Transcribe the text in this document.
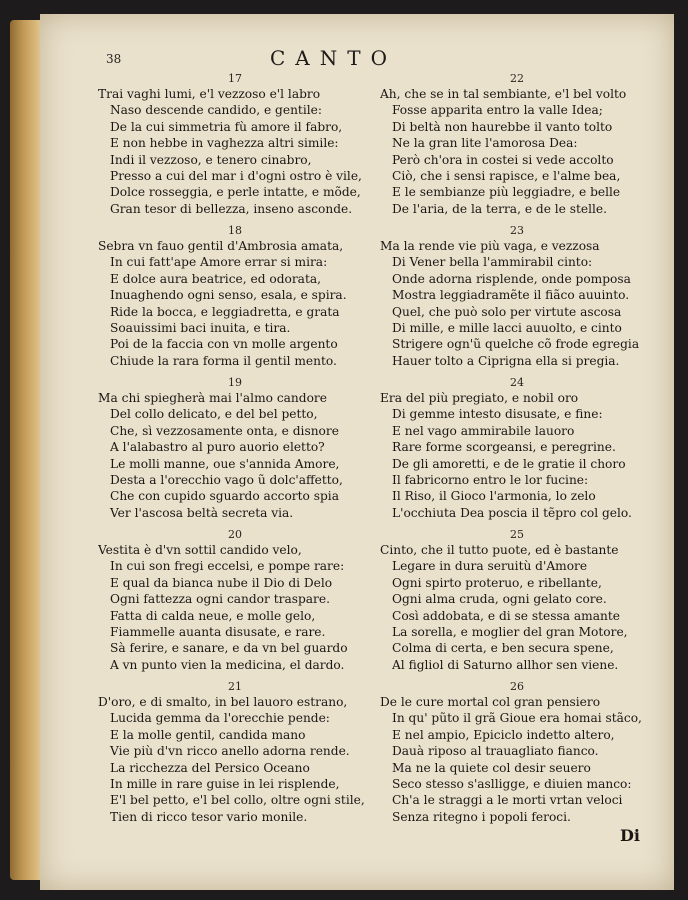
38	CANTO
17
Trai vaghi lumi, e'l vezzoso e'l labro
Naso descende candido, e gentile:
De la cui simmetria fù amore il fabro,
E non hebbe in vaghezza altri simile:
Indi il vezzoso, e tenero cinabro,
Presso a cui del mar i d'ogni ostro è vile,
Dolce rosseggia, e perle intatte, e mõde,
Gran tesor di bellezza, inseno asconde.
22
Ah, che se in tal sembiante, e'l bel volto
Fosse apparita entro la valle Idea;
Di beltà non haurebbe il vanto tolto
Ne la gran lite l'amorosa Dea:
Però ch'ora in costei si vede accolto
Ciò, che i sensi rapisce, e l'alme bea,
E le sembianze più leggiadre, e belle
De l'aria, de la terra, e de le stelle.
18
Sebra vn fauo gentil d'Ambrosia amata,
In cui fatt'ape Amore errar si mira:
E dolce aura beatrice, ed odorata,
Inuaghendo ogni senso, esala, e spira.
Ride la bocca, e leggiadretta, e grata
Soauissimi baci inuita, e tira.
Poi de la faccia con vn molle argento
Chiude la rara forma il gentil mento.
23
Ma la rende vie più vaga, e vezzosa
Di Vener bella l'ammirabil cinto:
Onde adorna risplende, onde pomposa
Mostra leggiadramẽte il fiãco auuinto.
Quel, che può solo per virtute ascosa
Di mille, e mille lacci auuolto, e cinto
Strigere ogn'ũ quelche cõ frode egregia
Hauer tolto a Ciprigna ella si pregia.
19
Ma chi spiegherà mai l'almo candore
Del collo delicato, e del bel petto,
Che, sì vezzosamente onta, e disnore
A l'alabastro al puro auorio eletto?
Le molli manne, oue s'annida Amore,
Desta a l'orecchio vago ũ dolc'affetto,
Che con cupido sguardo accorto spia
Ver l'ascosa beltà secreta via.
24
Era del più pregiato, e nobil oro
Di gemme intesto disusate, e fine:
E nel vago ammirabile lauoro
Rare forme scorgeansi, e peregrine.
De gli amoretti, e de le gratie il choro
Il fabricorno entro le lor fucine:
Il Riso, il Gioco l'armonia, lo zelo
L'occhiuta Dea poscia il tẽpro col gelo.
20
Vestita è d'vn sottil candido velo,
In cui son fregi eccelsi, e pompe rare:
E qual da bianca nube il Dio di Delo
Ogni fattezza ogni candor traspare.
Fatta di calda neue, e molle gelo,
Fiammelle auanta disusate, e rare.
Sà ferire, e sanare, e da vn bel guardo
A vn punto vien la medicina, el dardo.
25
Cinto, che il tutto puote, ed è bastante
Legare in dura seruitù d'Amore
Ogni spirto proteruo, e ribellante,
Ogni alma cruda, ogni gelato core.
Così addobata, e di se stessa amante
La sorella, e moglier del gran Motore,
Colma di certa, e ben secura spene,
Al figliol di Saturno allhor sen viene.
21
D'oro, e di smalto, in bel lauoro estrano,
Lucida gemma da l'orecchie pende:
E la molle gentil, candida mano
Vie più d'vn ricco anello adorna rende.
La ricchezza del Persico Oceano
In mille in rare guise in lei risplende,
E'l bel petto, e'l bel collo, oltre ogni stile,
Tien di ricco tesor vario monile.
26
De le cure mortal col gran pensiero
In qu' pũto il grã Gioue era homai stãco,
E nel ampio, Epiciclo indetto altero,
Dauà riposo al trauagliato fianco.
Ma ne la quiete col desir seuero
Seco stesso s'aslligge, e diuien manco:
Ch'a le straggi a le morti vrtan veloci
Senza ritegno i popoli feroci.
Di
